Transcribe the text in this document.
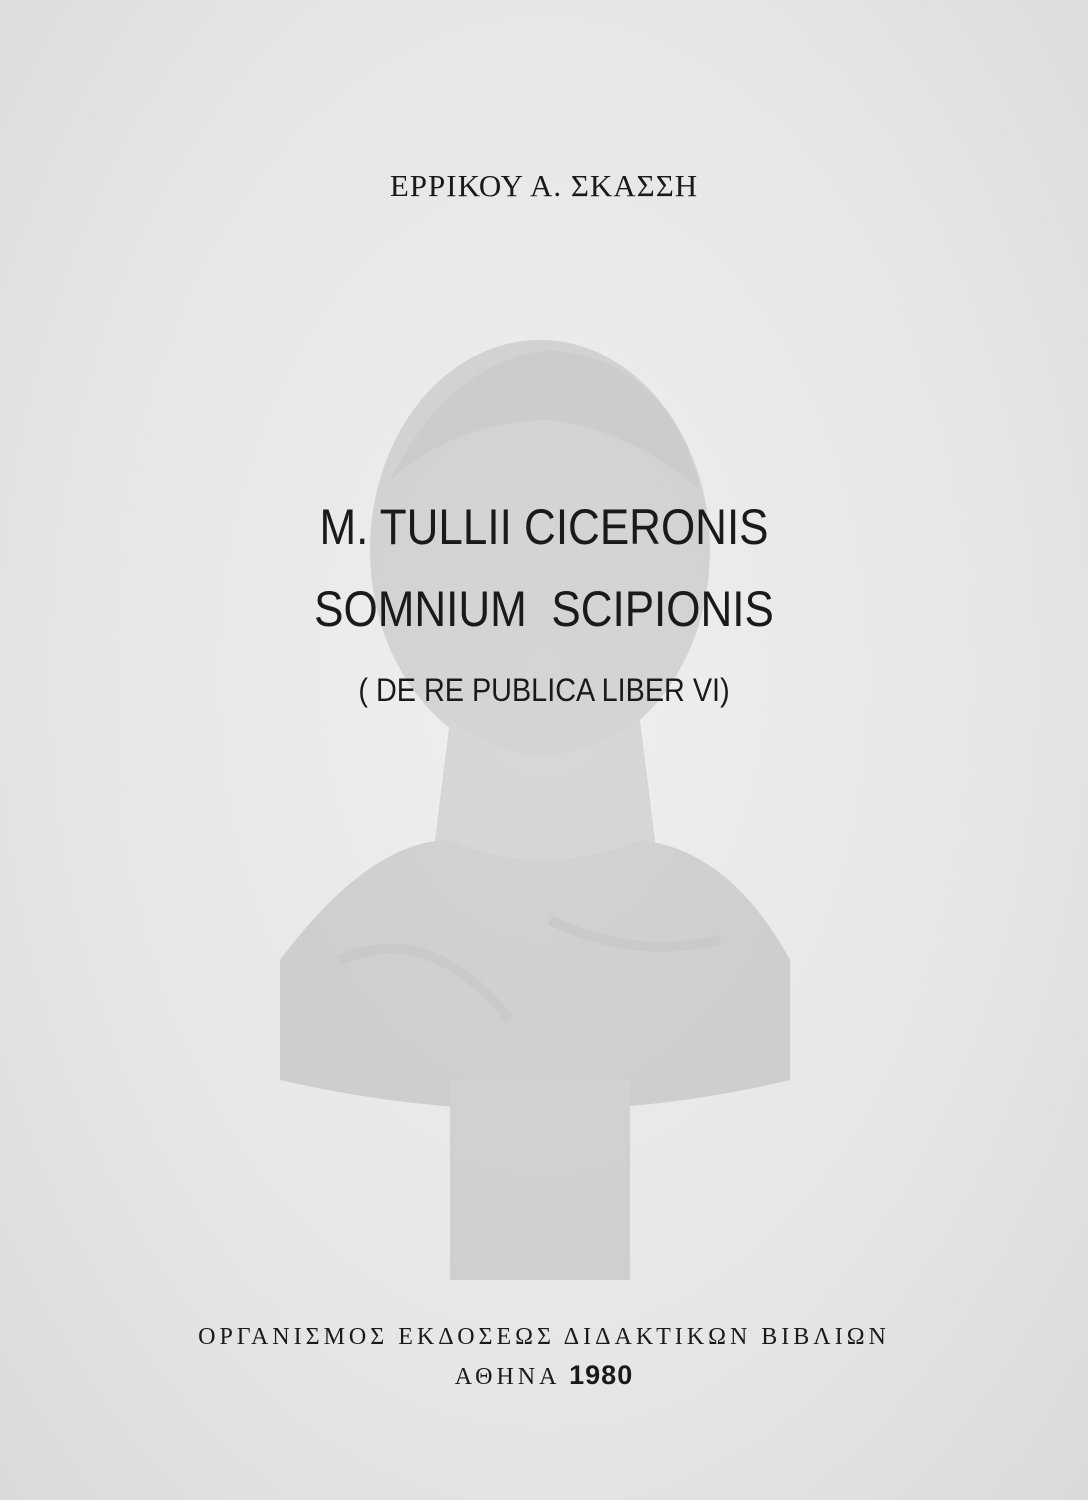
ΕΡΡΙΚΟΥ Α. ΣΚΑΣΣΗ
M. TULLII CICERONIS
SOMNIUM SCIPIONIS
( DE RE PUBLICA LIBER VI)
ΟΡΓΑΝΙΣΜΟΣ ΕΚΔΟΣΕΩΣ ΔΙΔΑΚΤΙΚΩΝ ΒΙΒΛΙΩΝ
ΑΘΗΝΑ 1980
